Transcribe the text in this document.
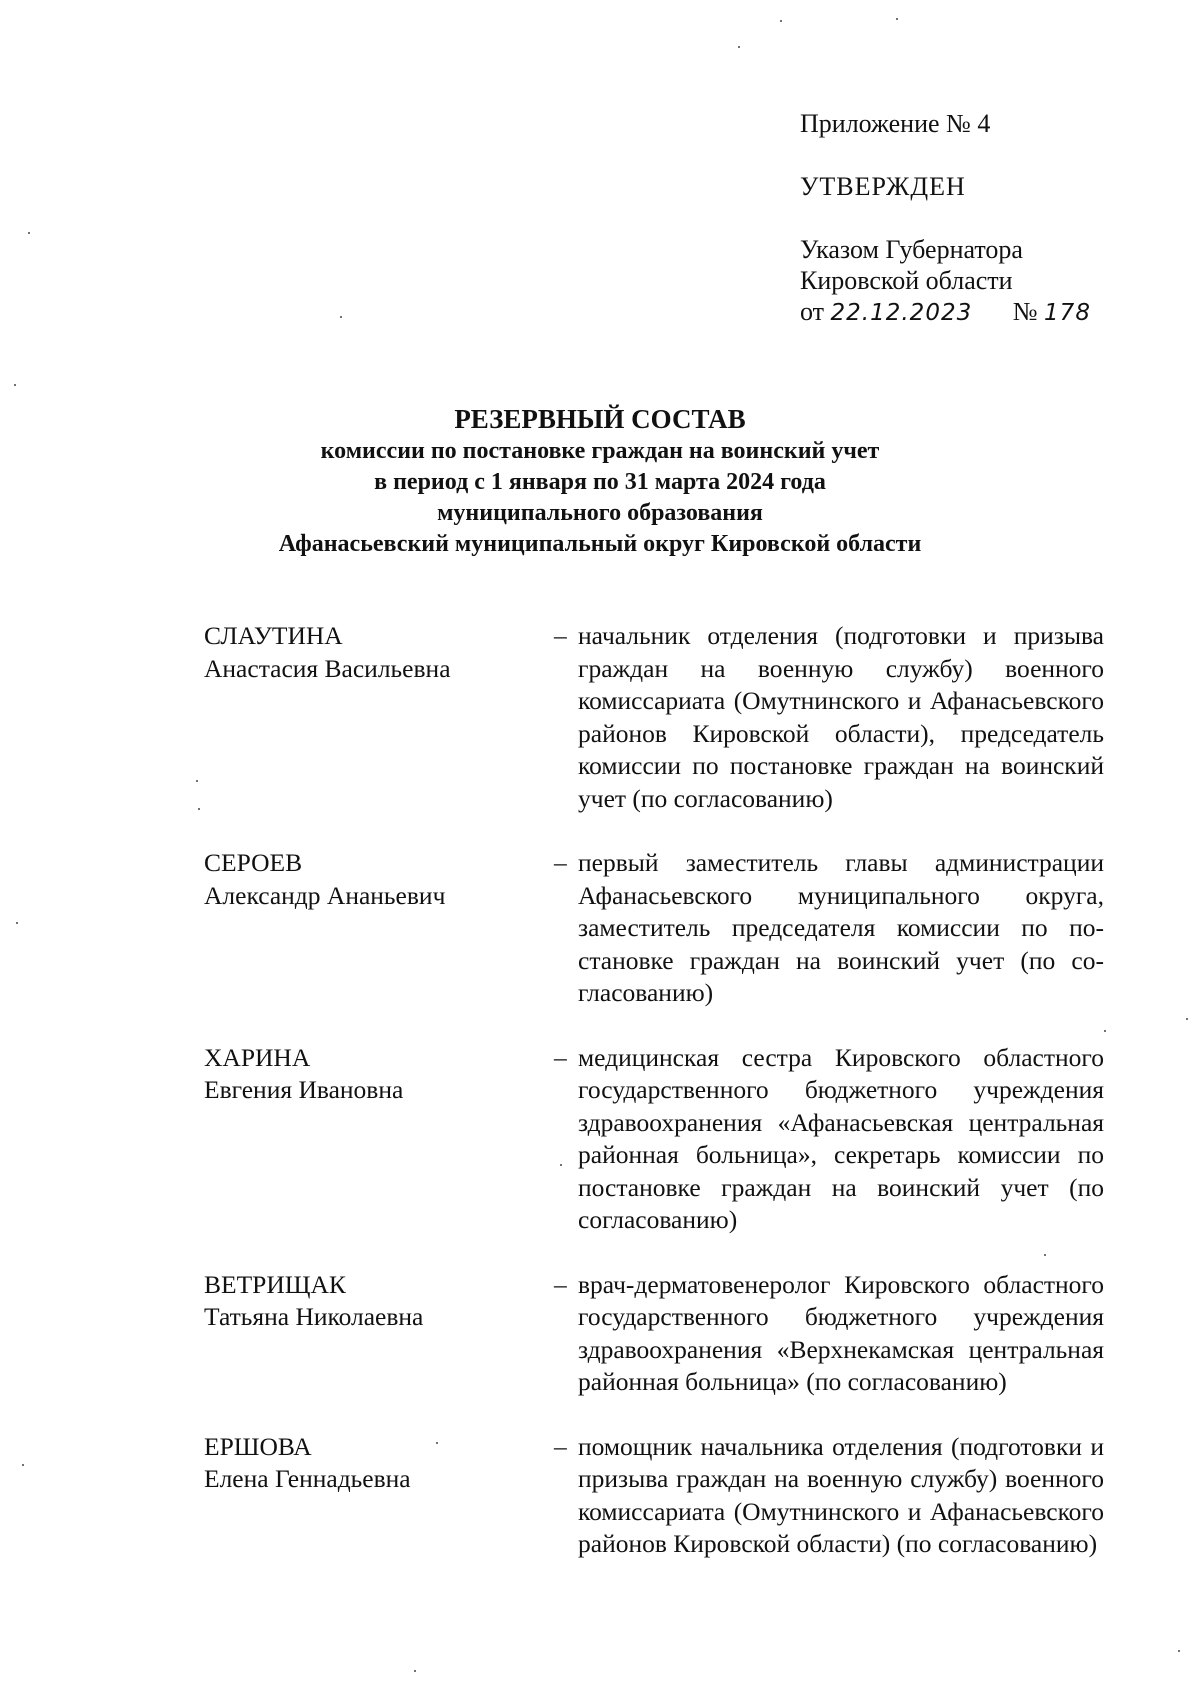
Приложение № 4

УТВЕРЖДЕН

Указом Губернатора

Кировской области

от 22.12.2023 № 178

РЕЗЕРВНЫЙ СОСТАВ
комиссии по постановке граждан на воинский учет
в период с 1 января по 31 марта 2024 года
муниципального образования
Афанасьевский муниципальный округ Кировской области
СЛАУТИНА
Анастасия Васильевна
– начальник отделения (подготовки и призыва граждан на военную службу) военного комиссариата (Омутнинского и Афанасьевского районов Кировской области), председатель комиссии по постановке граждан на воинский учет (по согласованию)
СЕРОЕВ
Александр Ананьевич
– первый заместитель главы администрации Афанасьевского муниципального округа, заместитель председателя комиссии по постановке граждан на воинский учет (по согласованию)
ХАРИНА
Евгения Ивановна
– медицинская сестра Кировского областного государственного бюджетного учреждения здравоохранения «Афанасьевская центральная районная больница», секретарь комиссии по постановке граждан на воинский учет (по согласованию)
ВЕТРИЩАК
Татьяна Николаевна
– врач-дерматовенеролог Кировского областного государственного бюджетного учреждения здравоохранения «Верхнекамская центральная районная больница» (по согласованию)
ЕРШОВА
Елена Геннадьевна
– помощник начальника отделения (подготовки и призыва граждан на военную службу) военного комиссариата (Омутнинского и Афанасьевского районов Кировской области) (по согласованию)
